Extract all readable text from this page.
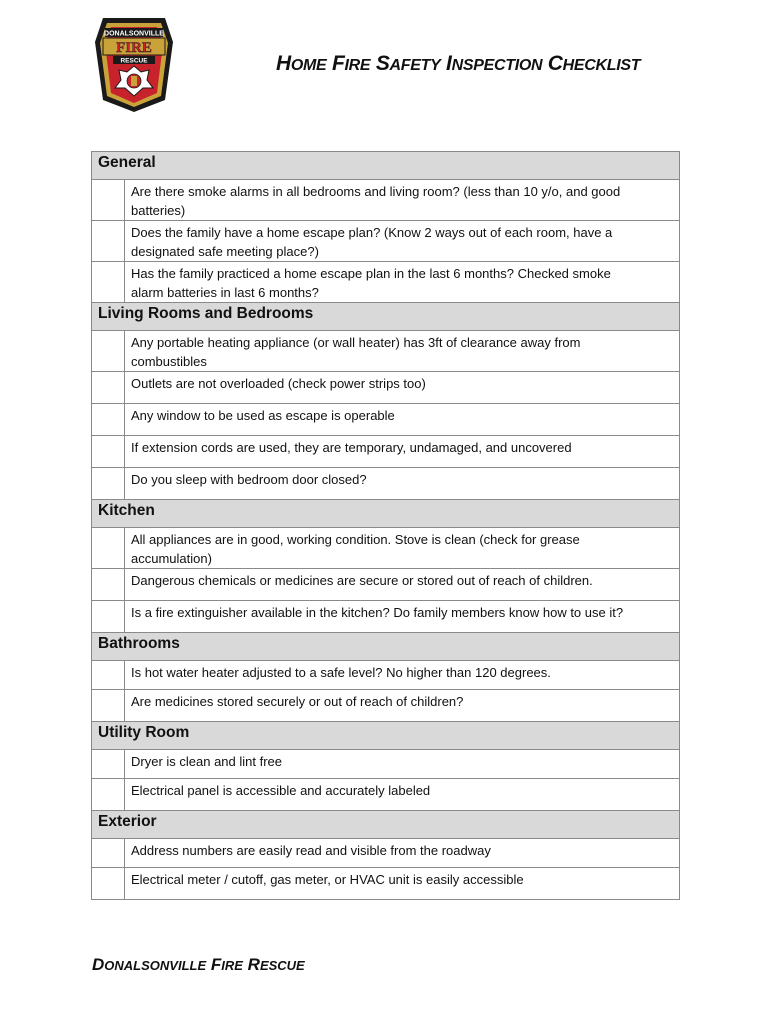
DONALSONVILLE
FIRE
RESCUE	HOME FIRE SAFETY INSPECTION CHECKLIST
General	

	Are there smoke alarms in all bedrooms and living room? (less than 10 y/o, and good
batteries)

	Does the family have a home escape plan? (Know 2 ways out of each room, have a
designated safe meeting place?)

	Has the family practiced a home escape plan in the last 6 months? Checked smoke
alarm batteries in last 6 months?

Living Rooms and Bedrooms	

	Any portable heating appliance (or wall heater) has 3ft of clearance away from
combustibles

	Outlets are not overloaded (check power strips too)

	Any window to be used as escape is operable

	If extension cords are used, they are temporary, undamaged, and uncovered

	Do you sleep with bedroom door closed?

Kitchen	

	All appliances are in good, working condition. Stove is clean (check for grease
accumulation)

	Dangerous chemicals or medicines are secure or stored out of reach of children.

	Is a fire extinguisher available in the kitchen? Do family members know how to use it?

Bathrooms	

	Is hot water heater adjusted to a safe level? No higher than 120 degrees.

	Are medicines stored securely or out of reach of children?

Utility Room	

	Dryer is clean and lint free

	Electrical panel is accessible and accurately labeled

Exterior	

	Address numbers are easily read and visible from the roadway

	Electrical meter / cutoff, gas meter, or HVAC unit is easily accessible
DONALSONVILLE FIRE RESCUE
